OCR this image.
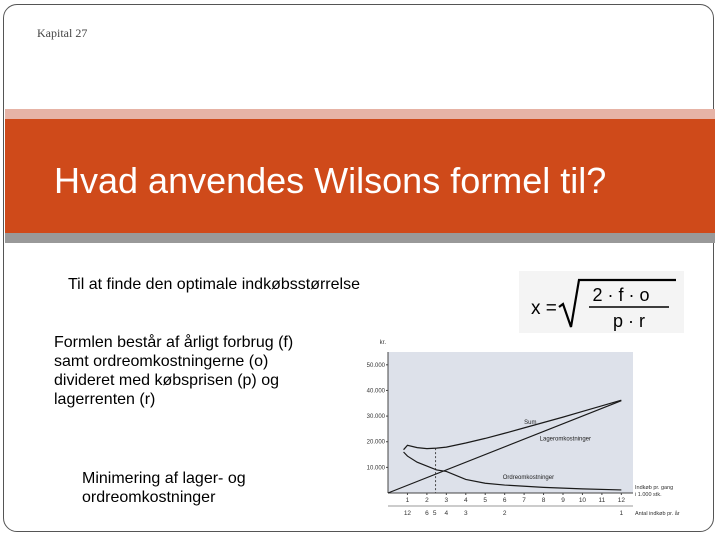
Kapital 27
Hvad anvendes Wilsons formel til?
Til at finde den optimale indkøbsstørrelse
Formlen består af årligt forbrug (f) samt ordreomkostningerne (o) divideret med købsprisen (p) og lagerrenten (r)
Minimering af lager- og ordreomkostninger
x =
2 · f · o
p · r
kr.
50.000
40.000
30.000
20.000
10.000
1 2 3 4 5 6 7 8 9 10 11 12
12 6 5 4 3	2	1
Indkøb pr. gang i 1.000 stk.
Antal indkøb pr. år
Sum
Lageromkostninger
Ordreomkostninger
